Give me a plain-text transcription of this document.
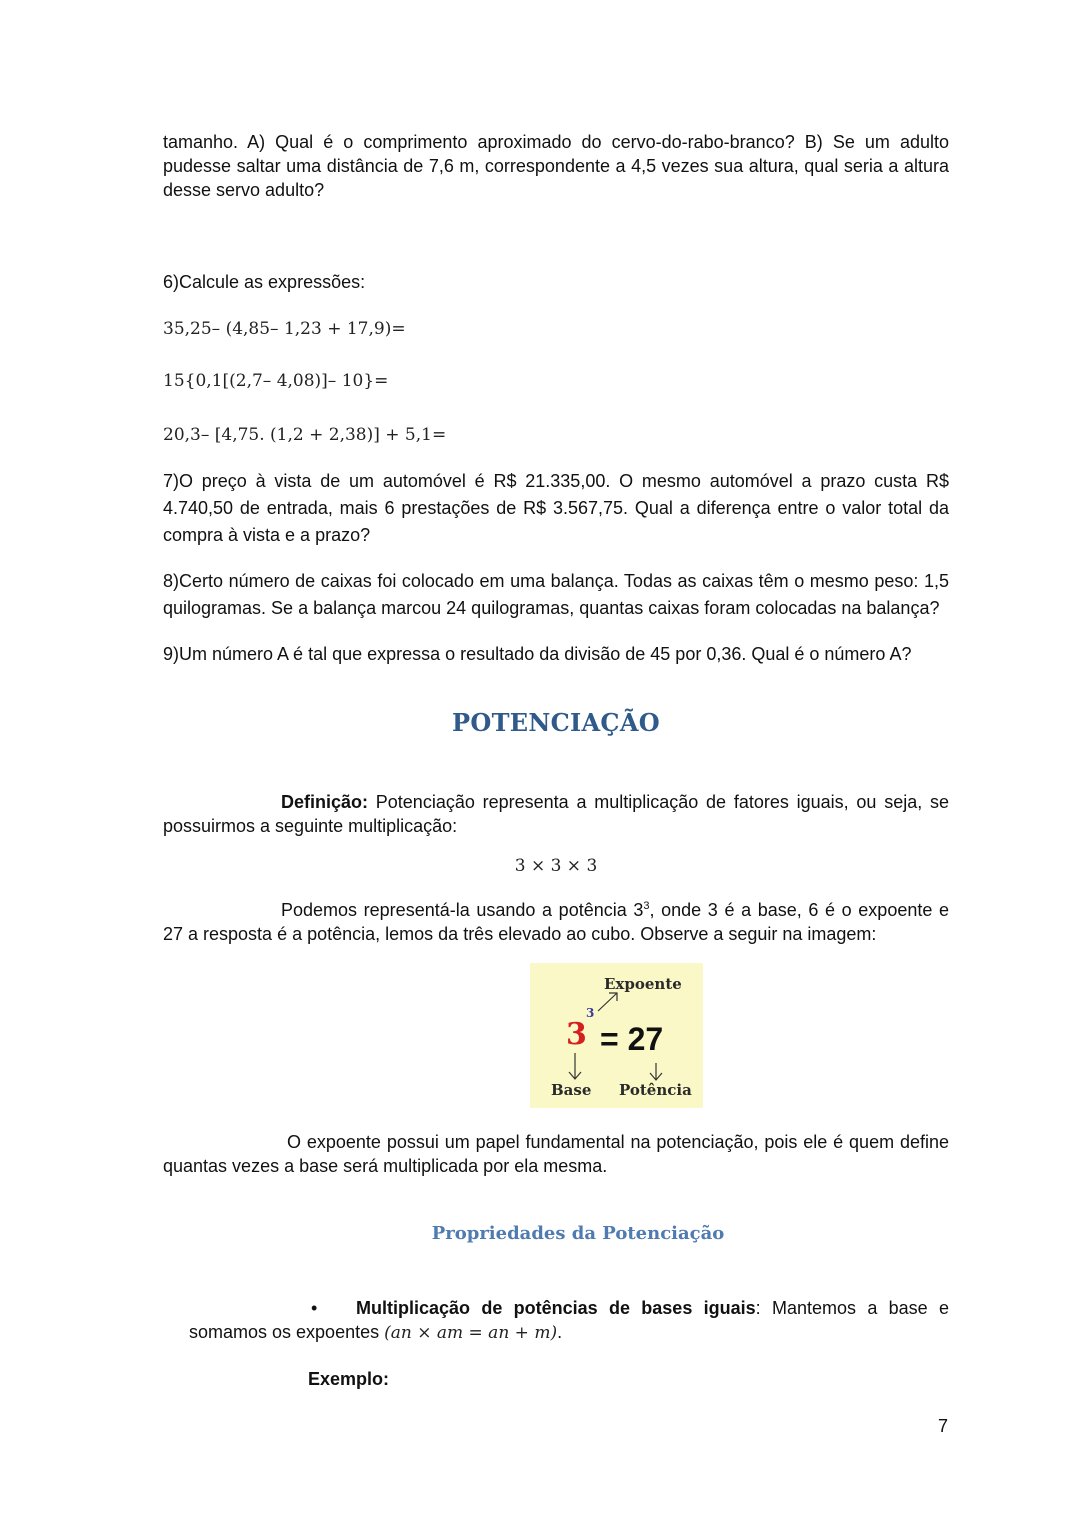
tamanho. A) Qual é o comprimento aproximado do cervo-do-rabo-branco? B) Se um adulto pudesse saltar uma distância de 7,6 m, correspondente a 4,5 vezes sua altura, qual seria a altura desse servo adulto?

6)Calcule as expressões:

35,25– (4,85– 1,23 + 17,9)=

15{0,1[(2,7– 4,08)]– 10}=

20,3– [4,75. (1,2 + 2,38)] + 5,1=

7)O preço à vista de um automóvel é R$ 21.335,00. O mesmo automóvel a prazo custa R$ 4.740,50 de entrada, mais 6 prestações de R$ 3.567,75. Qual a diferença entre o valor total da compra à vista e a prazo?

8)Certo número de caixas foi colocado em uma balança. Todas as caixas têm o mesmo peso: 1,5 quilogramas. Se a balança marcou 24 quilogramas, quantas caixas foram colocadas na balança?

9)Um número A é tal que expressa o resultado da divisão de 45 por 0,36. Qual é o número A?

POTENCIAÇÃO

Definição: Potenciação representa a multiplicação de fatores iguais, ou seja, se possuirmos a seguinte multiplicação:

3 × 3 × 3

Podemos representá-la usando a potência $3^3$, onde 3 é a base, 6 é o expoente e 27 a resposta é a potência, lemos da três elevado ao cubo. Observe a seguir na imagem:

Expoente
3
3 = 27
Base Potência

O expoente possui um papel fundamental na potenciação, pois ele é quem define quantas vezes a base será multiplicada por ela mesma.

Propriedades da Potenciação
•	Multiplicação de potências de bases iguais: Mantemos a base e somamos os expoentes (an × am = an + m).

Exemplo:

7
